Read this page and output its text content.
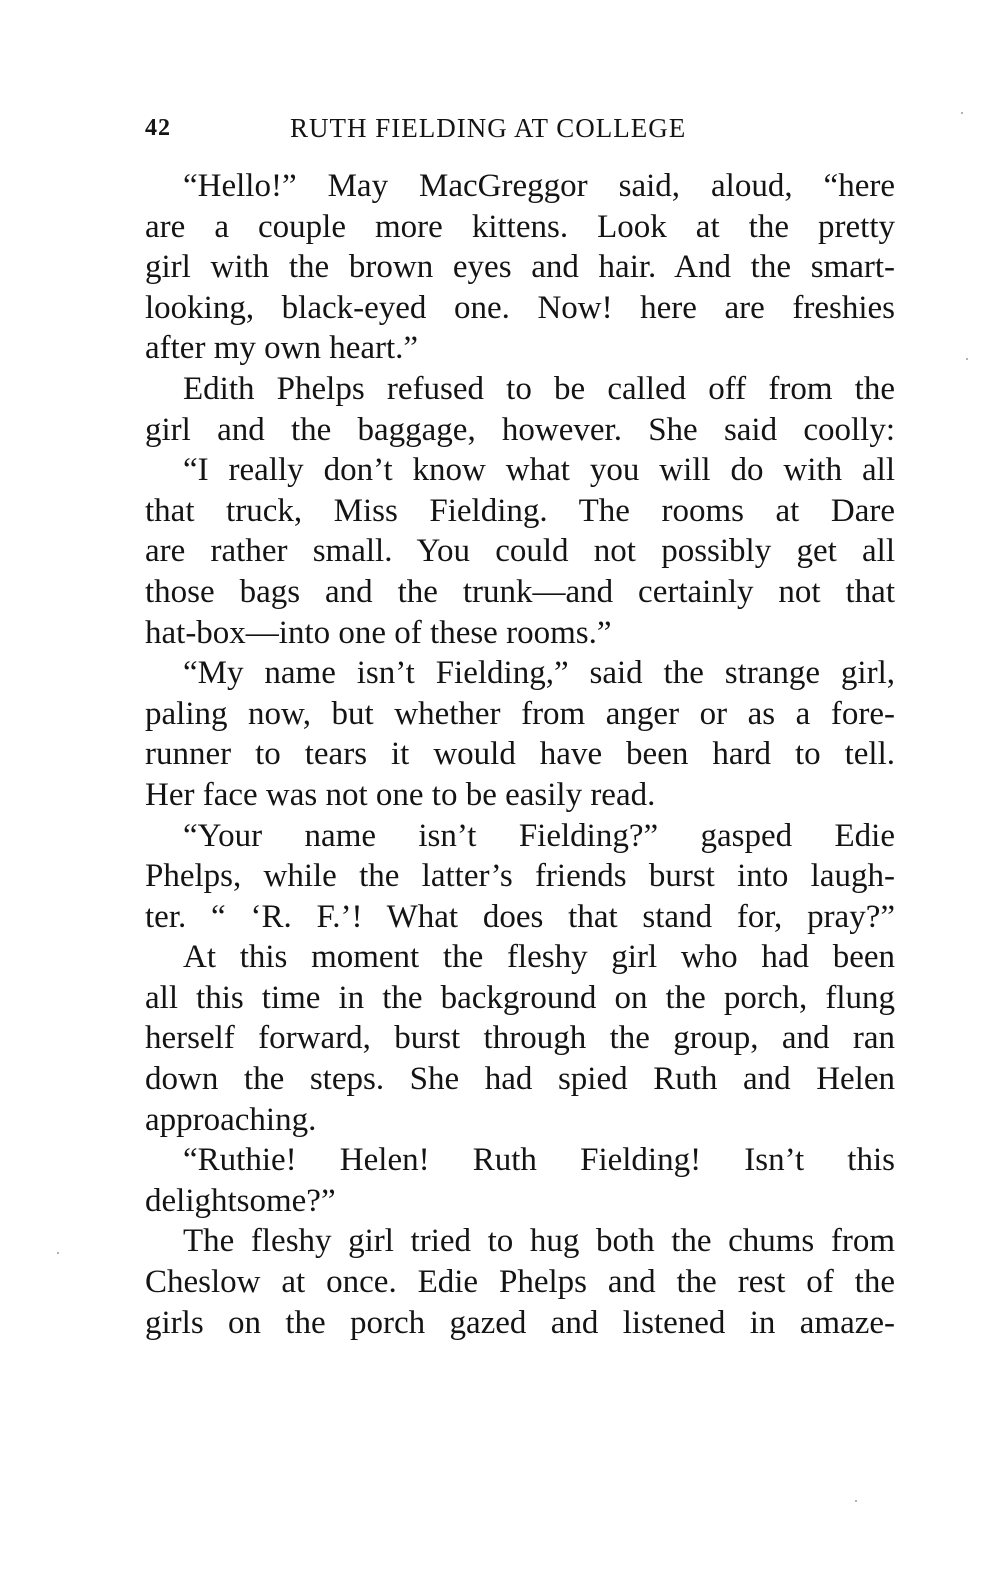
42	RUTH FIELDING AT COLLEGE
“Hello!” May MacGreggor said, aloud, “here
are a couple more kittens. Look at the pretty
girl with the brown eyes and hair. And the smart-
looking, black-eyed one. Now! here are freshies
after my own heart.”
Edith Phelps refused to be called off from the
girl and the baggage, however. She said coolly:
“I really don’t know what you will do with all
that truck, Miss Fielding. The rooms at Dare
are rather small. You could not possibly get all
those bags and the trunk—and certainly not that
hat-box—into one of these rooms.”
“My name isn’t Fielding,” said the strange girl,
paling now, but whether from anger or as a fore-
runner to tears it would have been hard to tell.
Her face was not one to be easily read.
“Your name isn’t Fielding?” gasped Edie
Phelps, while the latter’s friends burst into laugh-
ter. “ ‘R. F.’! What does that stand for, pray?”
At this moment the fleshy girl who had been
all this time in the background on the porch, flung
herself forward, burst through the group, and ran
down the steps. She had spied Ruth and Helen
approaching.
“Ruthie! Helen! Ruth Fielding! Isn’t this
delightsome?”
The fleshy girl tried to hug both the chums from
Cheslow at once. Edie Phelps and the rest of the
girls on the porch gazed and listened in amaze-
